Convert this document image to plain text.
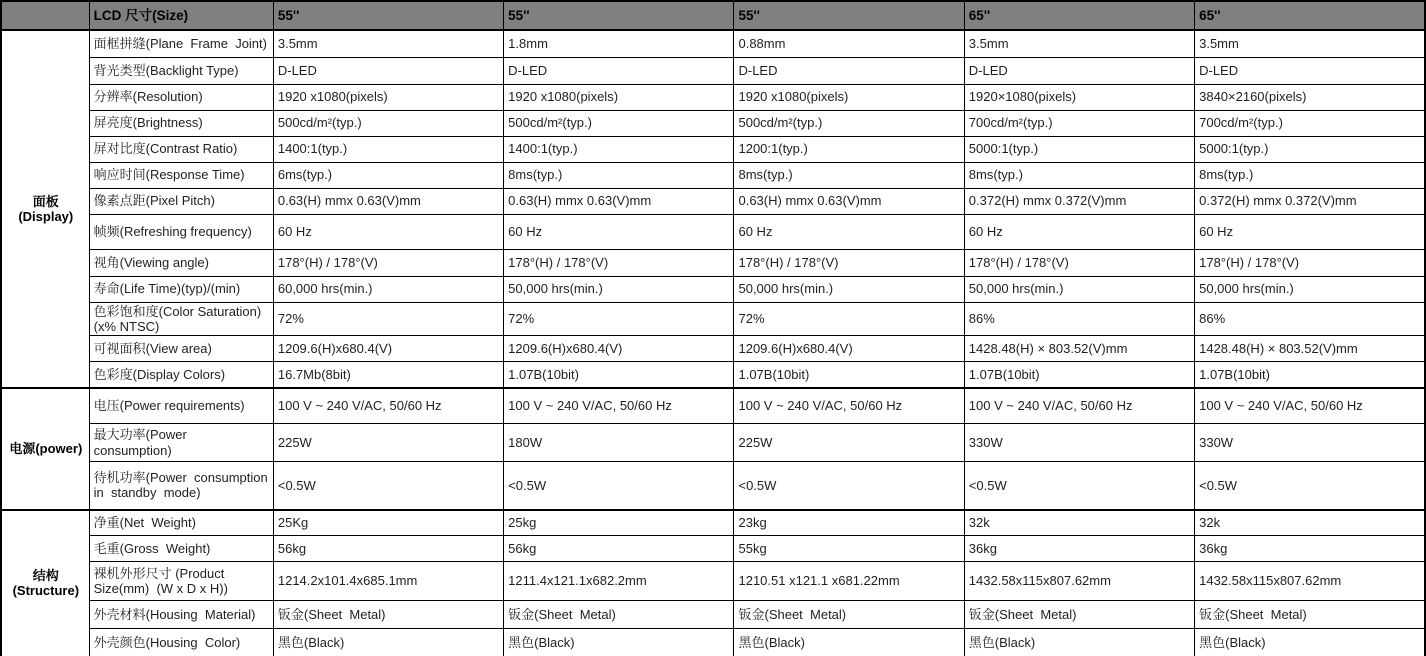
	LCD 尺寸(Size)	55''	55''	55''	65''	65''
面板(Display)	面框拼缝(Plane  Frame  Joint)	3.5mm	1.8mm	0.88mm	3.5mm	3.5mm
	背光类型(Backlight Type)	D-LED	D-LED	D-LED	D-LED	D-LED
	分辨率(Resolution)	1920 x1080(pixels)	1920 x1080(pixels)	1920 x1080(pixels)	1920×1080(pixels)	3840×2160(pixels)
	屏亮度(Brightness)	500cd/m²(typ.)	500cd/m²(typ.)	500cd/m²(typ.)	700cd/m²(typ.)	700cd/m²(typ.)
	屏对比度(Contrast Ratio)	1400:1(typ.)	1400:1(typ.)	1200:1(typ.)	5000:1(typ.)	5000:1(typ.)
	响应时间(Response Time)	6ms(typ.)	8ms(typ.)	8ms(typ.)	8ms(typ.)	8ms(typ.)
	像素点距(Pixel Pitch)	0.63(H) mmx 0.63(V)mm	0.63(H) mmx 0.63(V)mm	0.63(H) mmx 0.63(V)mm	0.372(H) mmx 0.372(V)mm	0.372(H) mmx 0.372(V)mm
	帧频(Refreshing frequency)	60 Hz	60 Hz	60 Hz	60 Hz	60 Hz
	视角(Viewing angle)	178°(H) / 178°(V)	178°(H) / 178°(V)	178°(H) / 178°(V)	178°(H) / 178°(V)	178°(H) / 178°(V)
	寿命(Life Time)(typ)/(min)	60,000 hrs(min.)	50,000 hrs(min.)	50,000 hrs(min.)	50,000 hrs(min.)	50,000 hrs(min.)
	色彩饱和度(Color Saturation)(x% NTSC)	72%	72%	72%	86%	86%
	可视面积(View area)	1209.6(H)x680.4(V)	1209.6(H)x680.4(V)	1209.6(H)x680.4(V)	1428.48(H) × 803.52(V)mm	1428.48(H) × 803.52(V)mm
	色彩度(Display Colors)	16.7Mb(8bit)	1.07B(10bit)	1.07B(10bit)	1.07B(10bit)	1.07B(10bit)
电源(power)	电压(Power requirements)	100 V ~ 240 V/AC, 50/60 Hz	100 V ~ 240 V/AC, 50/60 Hz	100 V ~ 240 V/AC, 50/60 Hz	100 V ~ 240 V/AC, 50/60 Hz	100 V ~ 240 V/AC, 50/60 Hz
	最大功率(Power  consumption)	225W	180W	225W	330W	330W
	待机功率(Power  consumption in  standby  mode)	<0.5W	<0.5W	<0.5W	<0.5W	<0.5W
结构 (Structure)	净重(Net  Weight)	25Kg	25kg	23kg	32k	32k
	毛重(Gross  Weight)	56kg	56kg	55kg	36kg	36kg
	裸机外形尺寸 (Product Size(mm)  (W x D x H))	1214.2x101.4x685.1mm	1211.4x121.1x682.2mm	1210.51 x121.1 x681.22mm	1432.58x115x807.62mm	1432.58x115x807.62mm
	外壳材料(Housing  Material)	钣金(Sheet  Metal)	钣金(Sheet  Metal)	钣金(Sheet  Metal)	钣金(Sheet  Metal)	钣金(Sheet  Metal)
	外壳颜色(Housing  Color)	黑色(Black)	黑色(Black)	黑色(Black)	黑色(Black)	黑色(Black)
